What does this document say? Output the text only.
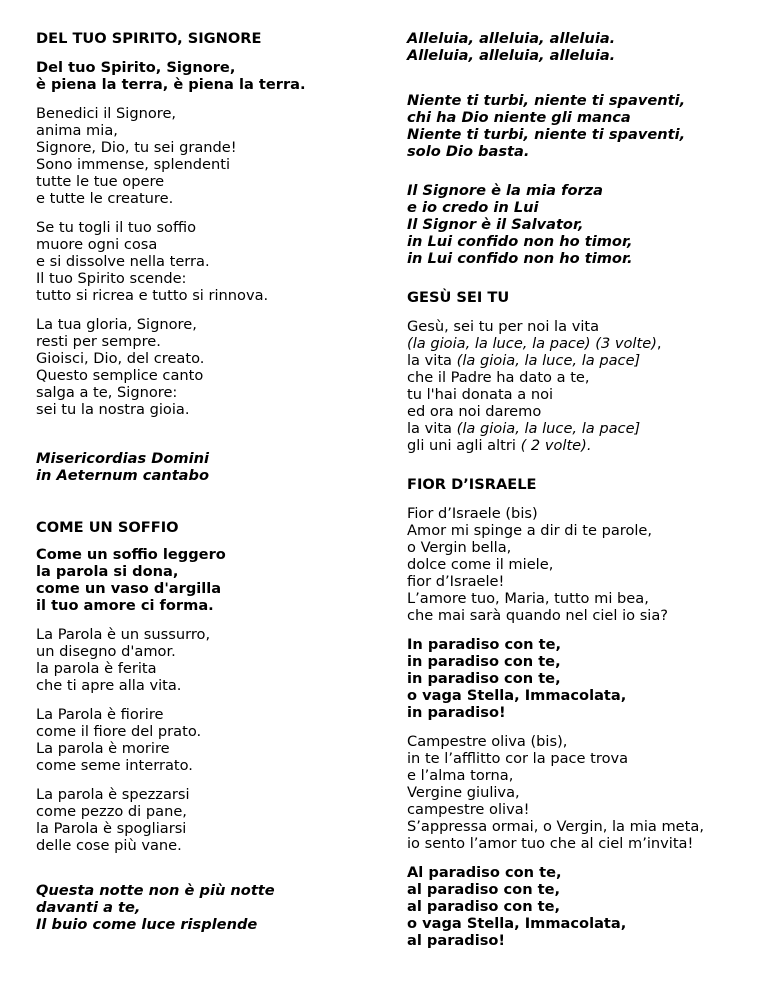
DEL TUO SPIRITO, SIGNORE
Del tuo Spirito, Signore,
è piena la terra, è piena la terra.
Benedici il Signore,
anima mia,
Signore, Dio, tu sei grande!
Sono immense, splendenti
tutte le tue opere
e tutte le creature.
Se tu togli il tuo soffio
muore ogni cosa
e si dissolve nella terra.
Il tuo Spirito scende:
tutto si ricrea e tutto si rinnova.
La tua gloria, Signore,
resti per sempre.
Gioisci, Dio, del creato.
Questo semplice canto
salga a te, Signore:
sei tu la nostra gioia.
Misericordias Domini
in Aeternum cantabo
COME UN SOFFIO
Come un soffio leggero
la parola si dona,
come un vaso d'argilla
il tuo amore ci forma.
La Parola è un sussurro,
un disegno d'amor.
la parola è ferita
che ti apre alla vita.
La Parola è fiorire
come il fiore del prato.
La parola è morire
come seme interrato.
La parola è spezzarsi
come pezzo di pane,
la Parola è spogliarsi
delle cose più vane.
Questa notte non è più notte
davanti a te,
Il buio come luce risplende
Alleluia, alleluia, alleluia.
Alleluia, alleluia, alleluia.
Niente ti turbi, niente ti spaventi,
chi ha Dio niente gli manca
Niente ti turbi, niente ti spaventi,
solo Dio basta.
Il Signore è la mia forza
e io credo in Lui
Il Signor è il Salvator,
in Lui confido non ho timor,
in Lui confido non ho timor.
GESÙ SEI TU
Gesù, sei tu per noi la vita
(la gioia, la luce, la pace) (3 volte),
la vita (la gioia, la luce, la pace]
che il Padre ha dato a te,
tu l'hai donata a noi
ed ora noi daremo
la vita (la gioia, la luce, la pace]
gli uni agli altri ( 2 volte).
FIOR D’ISRAELE
Fior d’Israele (bis)
Amor mi spinge a dir di te parole,
o Vergin bella,
dolce come il miele,
fior d’Israele!
L’amore tuo, Maria, tutto mi bea,
che mai sarà quando nel ciel io sia?
In paradiso con te,
in paradiso con te,
in paradiso con te,
o vaga Stella, Immacolata,
in paradiso!
Campestre oliva (bis),
in te l’afflitto cor la pace trova
e l’alma torna,
Vergine giuliva,
campestre oliva!
S’appressa ormai, o Vergin, la mia meta,
io sento l’amor tuo che al ciel m’invita!
Al paradiso con te,
al paradiso con te,
al paradiso con te,
o vaga Stella, Immacolata,
al paradiso!
